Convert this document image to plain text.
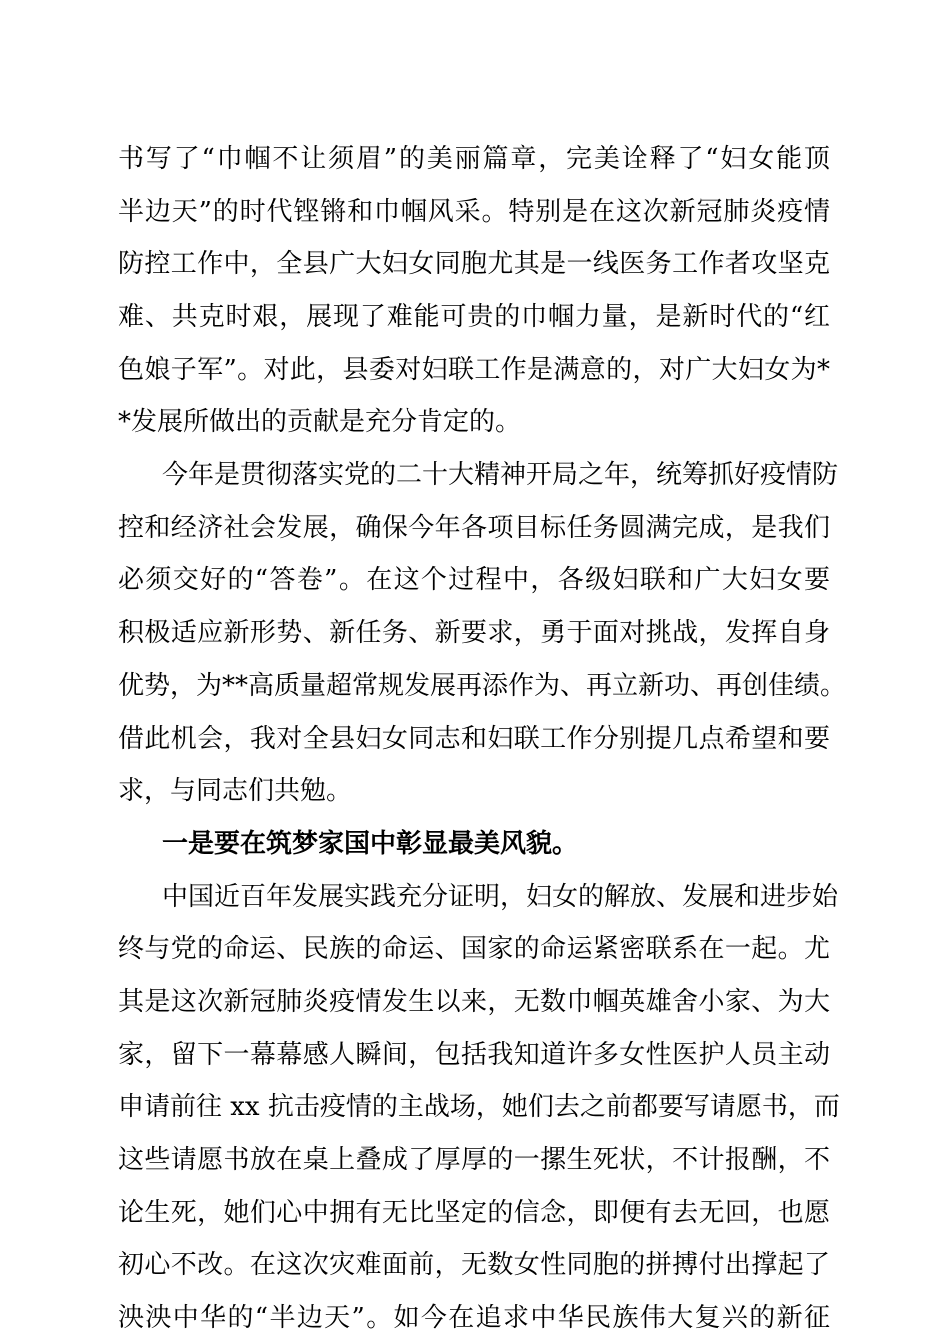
书写了“巾帼不让须眉”的美丽篇章，完美诠释了“妇女能顶
半边天”的时代铿锵和巾帼风采。特别是在这次新冠肺炎疫情
防控工作中，全县广大妇女同胞尤其是一线医务工作者攻坚克
难、共克时艰，展现了难能可贵的巾帼力量，是新时代的“红
色娘子军”。对此，县委对妇联工作是满意的，对广大妇女为*
*发展所做出的贡献是充分肯定的。
今年是贯彻落实党的二十大精神开局之年，统筹抓好疫情防
控和经济社会发展，确保今年各项目标任务圆满完成，是我们
必须交好的“答卷”。在这个过程中，各级妇联和广大妇女要
积极适应新形势、新任务、新要求，勇于面对挑战，发挥自身
优势，为**高质量超常规发展再添作为、再立新功、再创佳绩。
借此机会，我对全县妇女同志和妇联工作分别提几点希望和要
求，与同志们共勉。
一是要在筑梦家国中彰显最美风貌。
中国近百年发展实践充分证明，妇女的解放、发展和进步始
终与党的命运、民族的命运、国家的命运紧密联系在一起。尤
其是这次新冠肺炎疫情发生以来，无数巾帼英雄舍小家、为大
家，留下一幕幕感人瞬间，包括我知道许多女性医护人员主动
申请前往 xx 抗击疫情的主战场，她们去之前都要写请愿书，而
这些请愿书放在桌上叠成了厚厚的一摞生死状，不计报酬，不
论生死，她们心中拥有无比坚定的信念，即便有去无回，也愿
初心不改。在这次灾难面前，无数女性同胞的拼搏付出撑起了
泱泱中华的“半边天”。如今在追求中华民族伟大复兴的新征
